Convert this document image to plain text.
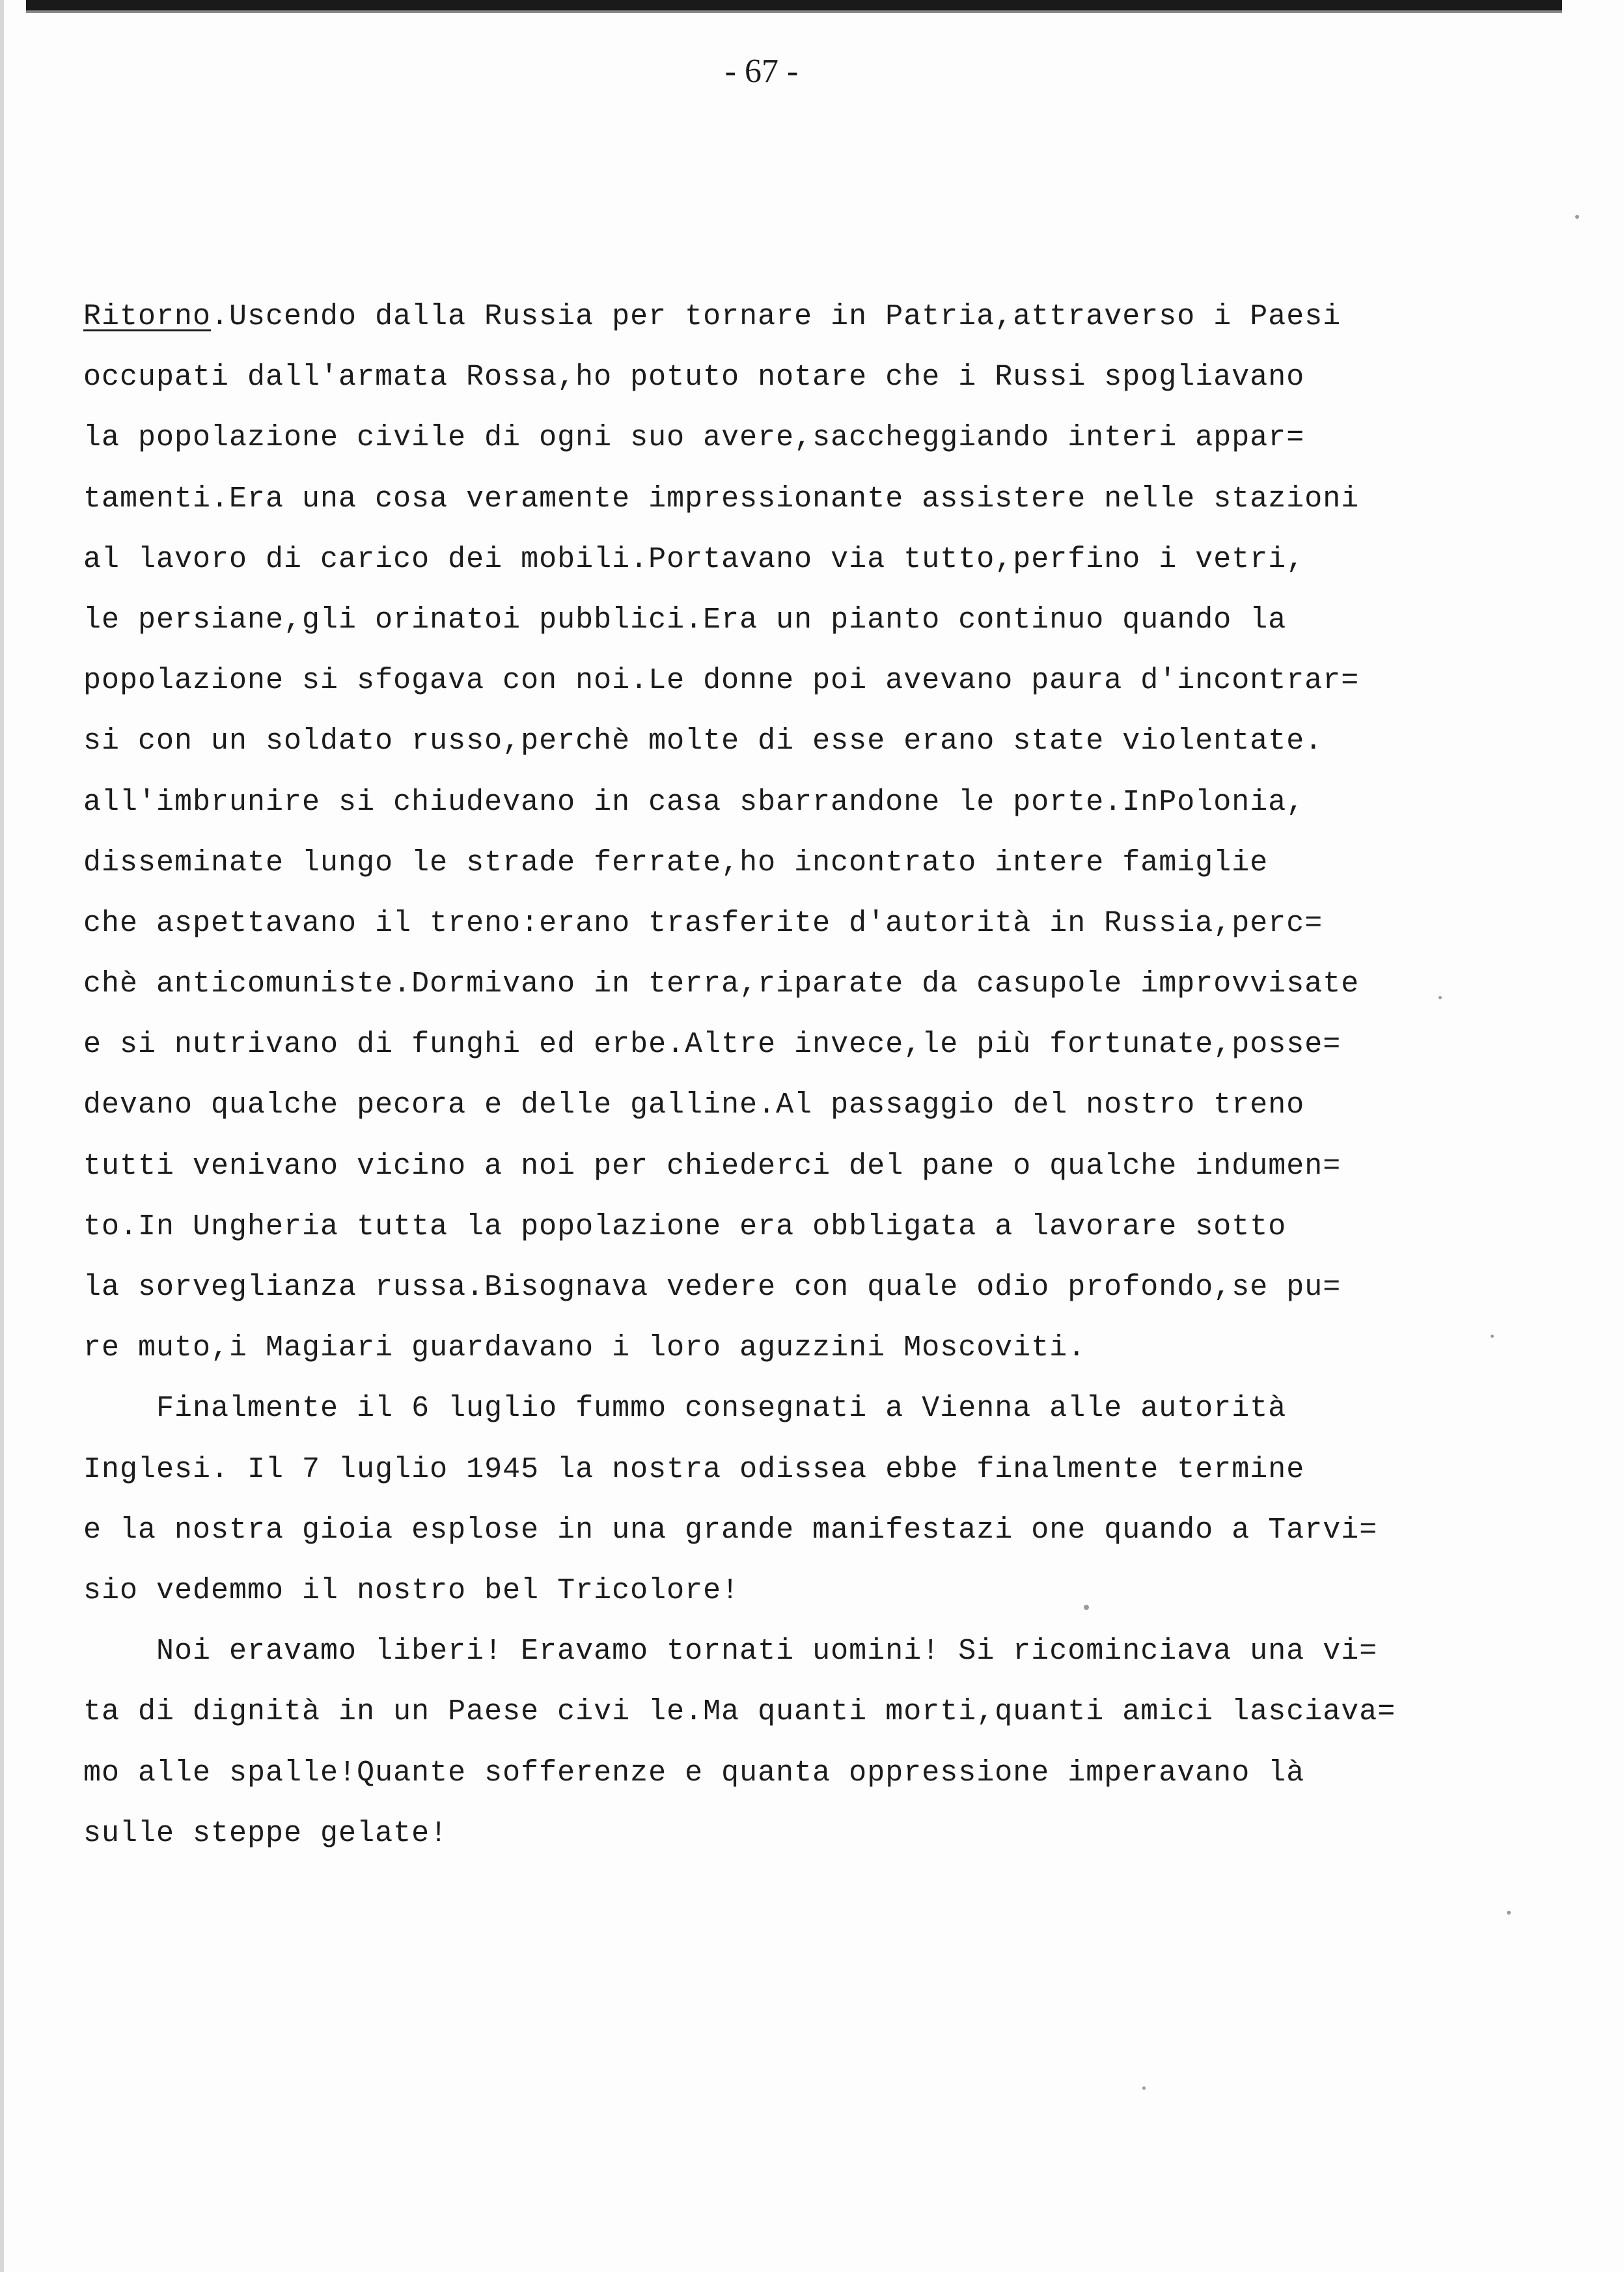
- 67 -
Ritorno.Uscendo dalla Russia per tornare in Patria,attraverso i Paesi
occupati dall'armata Rossa,ho potuto notare che i Russi spogliavano
la popolazione civile di ogni suo avere,saccheggiando interi appar=
tamenti.Era una cosa veramente impressionante assistere nelle stazioni
al lavoro di carico dei mobili.Portavano via tutto,perfino i vetri,
le persiane,gli orinatoi pubblici.Era un pianto continuo quando la
popolazione si sfogava con noi.Le donne poi avevano paura d'incontrar=
si con un soldato russo,perchè molte di esse erano state violentate.
all'imbrunire si chiudevano in casa sbarrandone le porte.InPolonia,
disseminate lungo le strade ferrate,ho incontrato intere famiglie
che aspettavano il treno:erano trasferite d'autorità in Russia,perc=
chè anticomuniste.Dormivano in terra,riparate da casupole improvvisate
e si nutrivano di funghi ed erbe.Altre invece,le più fortunate,posse=
devano qualche pecora e delle galline.Al passaggio del nostro treno
tutti venivano vicino a noi per chiederci del pane o qualche indumen=
to.In Ungheria tutta la popolazione era obbligata a lavorare sotto
la sorveglianza russa.Bisognava vedere con quale odio profondo,se pu=
re muto,i Magiari guardavano i loro aguzzini Moscoviti.
Finalmente il 6 luglio fummo consegnati a Vienna alle autorità
Inglesi. Il 7 luglio 1945 la nostra odissea ebbe finalmente termine
e la nostra gioia esplose in una grande manifestazi one quando a Tarvi=
sio vedemmo il nostro bel Tricolore!
Noi eravamo liberi! Eravamo tornati uomini! Si ricominciava una vi=
ta di dignità in un Paese civi le.Ma quanti morti,quanti amici lasciava=
mo alle spalle!Quante sofferenze e quanta oppressione imperavano là
sulle steppe gelate!
